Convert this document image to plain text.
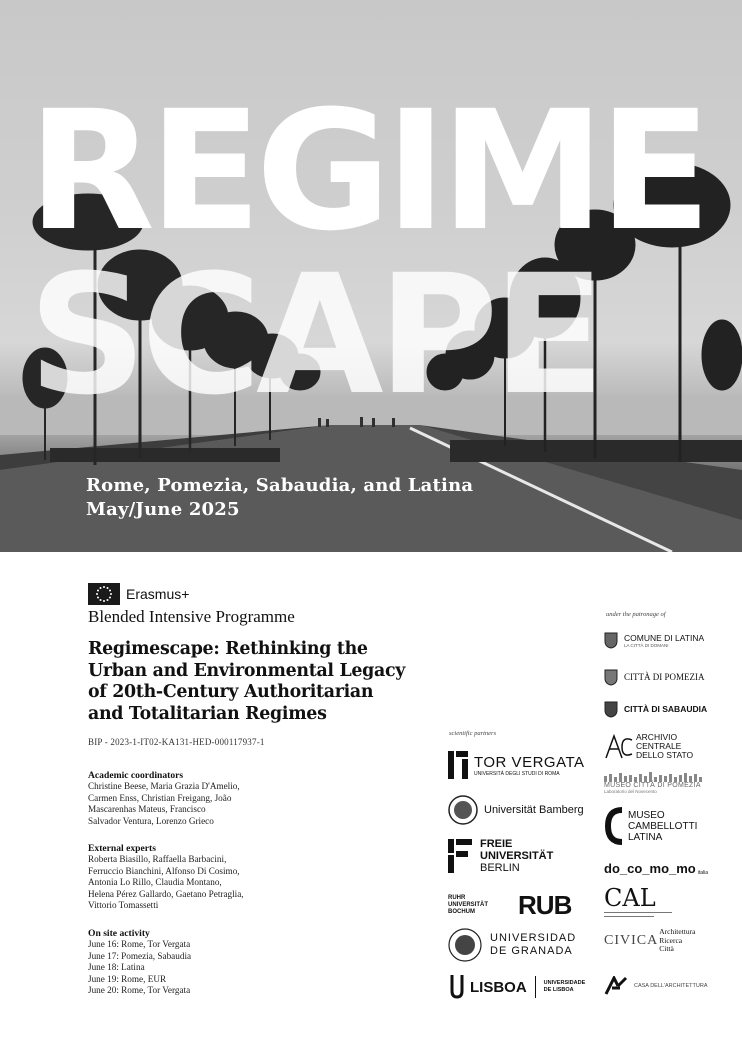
REGIME
SCAPE
Rome, Pomezia, Sabaudia, and Latina
May/June 2025
Erasmus+
Blended Intensive Programme
Regimescape: Rethinking the
Urban and Environmental Legacy
of 20th-Century Authoritarian
and Totalitarian Regimes
BIP - 2023-1-IT02-KA131-HED-000117937-1
Academic coordinators
Christine Beese, Maria Grazia D'Amelio,
Carmen Enss, Christian Freigang, João
Mascarenhas Mateus, Francisco
Salvador Ventura, Lorenzo Grieco
External experts
Roberta Biasillo, Raffaella Barbacini,
Ferruccio Bianchini, Alfonso Di Cosimo,
Antonia Lo Rillo, Claudia Montano,
Helena Pérez Gallardo, Gaetano Petraglia,
Vittorio Tomassetti
On site activity
June 16: Rome, Tor Vergata
June 17: Pomezia, Sabaudia
June 18: Latina
June 19: Rome, EUR
June 20: Rome, Tor Vergata
scientific partners
TOR VERGATA
UNIVERSITÀ DEGLI STUDI DI ROMA
Universität Bamberg
FREIE
UNIVERSITÄT
BERLIN
RUHR
UNIVERSITÄT
BOCHUM	RUB
UNIVERSIDAD
DE GRANADA
LISBOA	UNIVERSIDADE
DE LISBOA
under the patronage of
COMUNE DI LATINA
LA CITTÀ DI DOMANI
CITTÀ DI POMEZIA
CITTÀ DI SABAUDIA
ARCHIVIO
CENTRALE
DELLO STATO
MUSEO CITTÀ DI POMEZIA
Laboratorio del Novecento
MUSEO
CAMBELLOTTI
LATINA
do_co_mo_mo italia
CAL
CIVICA
Architettura
Ricerca
Città
CASA DELL'ARCHITETTURA
